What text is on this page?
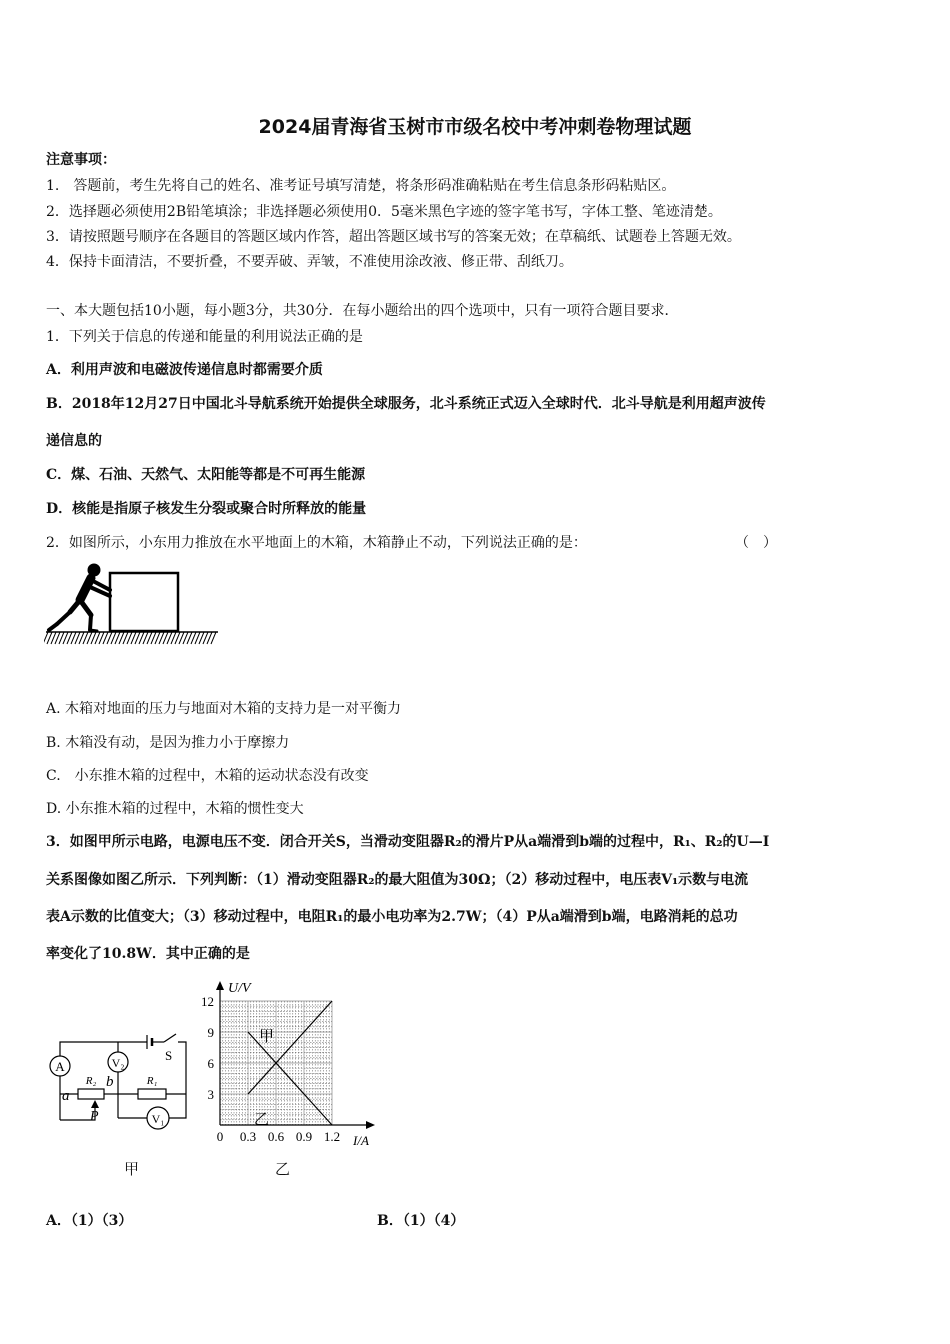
2024届青海省玉树市市级名校中考冲刺卷物理试题
注意事项：
1.　答题前，考生先将自己的姓名、准考证号填写清楚，将条形码准确粘贴在考生信息条形码粘贴区。
2．选择题必须使用2B铅笔填涂；非选择题必须使用0．5毫米黑色字迹的签字笔书写，字体工整、笔迹清楚。
3．请按照题号顺序在各题目的答题区域内作答，超出答题区域书写的答案无效；在草稿纸、试题卷上答题无效。
4．保持卡面清洁，不要折叠，不要弄破、弄皱，不准使用涂改液、修正带、刮纸刀。
一、本大题包括10小题，每小题3分，共30分．在每小题给出的四个选项中，只有一项符合题目要求．
1．下列关于信息的传递和能量的利用说法正确的是
A．利用声波和电磁波传递信息时都需要介质
B．2018年12月27日中国北斗导航系统开始提供全球服务，北斗系统正式迈入全球时代．北斗导航是利用超声波传
递信息的
C．煤、石油、天然气、太阳能等都是不可再生能源
D．核能是指原子核发生分裂或聚合时所释放的能量
2．如图所示，小东用力推放在水平地面上的木箱，木箱静止不动，下列说法正确的是：	（　）
A. 木箱对地面的压力与地面对木箱的支持力是一对平衡力
B. 木箱没有动，是因为推力小于摩擦力
C.　小东推木箱的过程中，木箱的运动状态没有改变
D. 小东推木箱的过程中，木箱的惯性变大
3．如图甲所示电路，电源电压不变．闭合开关S，当滑动变阻器R₂的滑片P从a端滑到b端的过程中，R₁、R₂的U—I
关系图像如图乙所示．下列判断：（1）滑动变阻器R₂的最大阻值为30Ω；（2）移动过程中，电压表V₁示数与电流
表A示数的比值变大；（3）移动过程中，电阻R₁的最小电功率为2.7W；（4）P从a端滑到b端，电路消耗的总功
率变化了10.8W．其中正确的是
A	V₂
V₁
R₂	R₁
a
b
P
S
甲
0 0.3 0.6 0.9 1.2
3
6
9
12
U/V
I/A
甲
乙
乙
A．（1）（3）	B．（1）（4）
